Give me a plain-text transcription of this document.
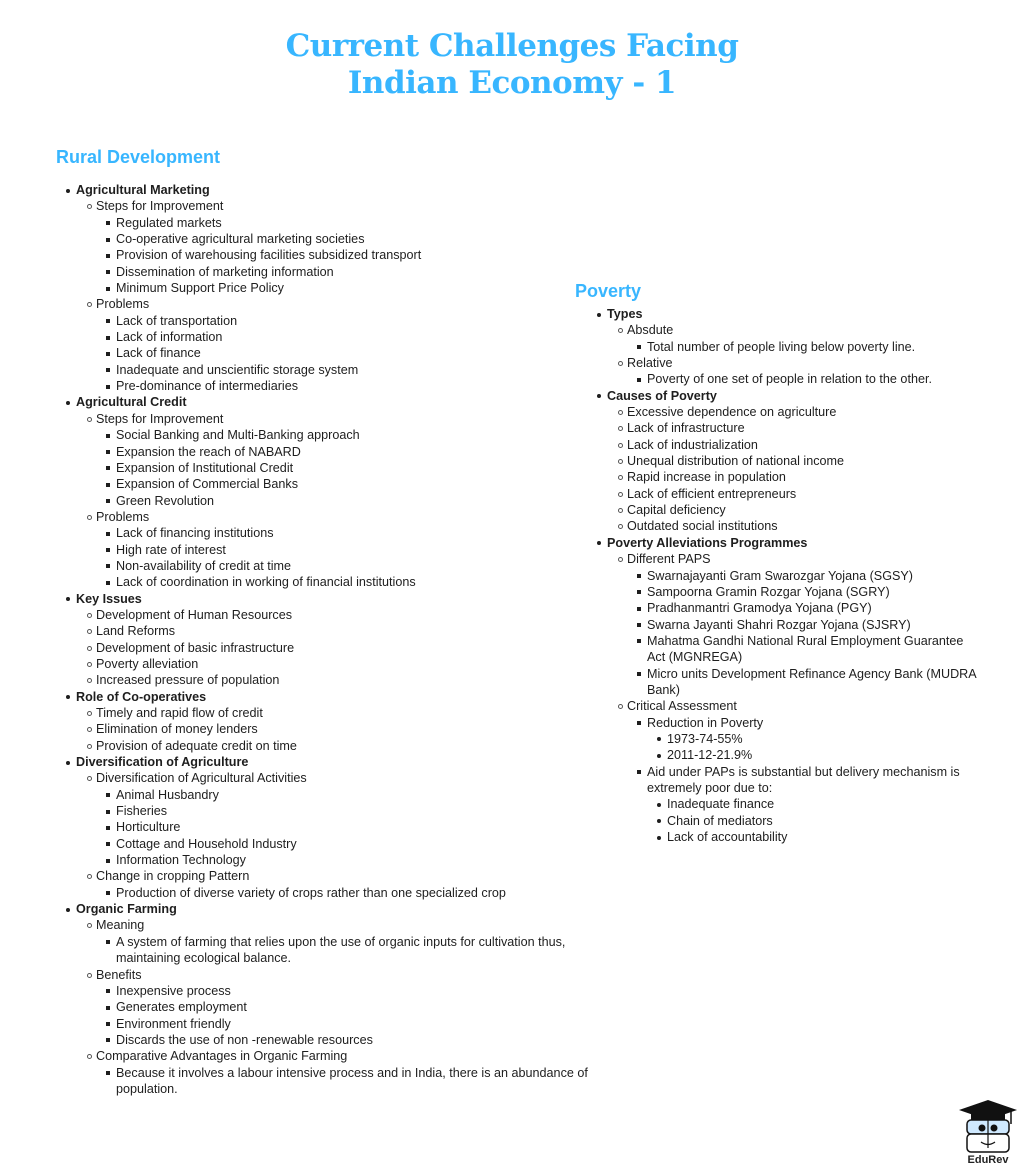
Current Challenges Facing
Indian Economy - 1
Rural Development
Agricultural Marketing
Steps for Improvement
Regulated markets
Co-operative agricultural marketing societies
Provision of warehousing facilities subsidized transport
Dissemination of marketing information
Minimum Support Price Policy
Problems
Lack of transportation
Lack of information
Lack of finance
Inadequate and unscientific storage system
Pre-dominance of intermediaries
Agricultural Credit
Steps for Improvement
Social Banking and Multi-Banking approach
Expansion the reach of NABARD
Expansion of Institutional Credit
Expansion of Commercial Banks
Green Revolution
Problems
Lack of financing institutions
High rate of interest
Non-availability of credit at time
Lack of coordination in working of financial institutions
Key Issues
Development of Human Resources
Land Reforms
Development of basic infrastructure
Poverty alleviation
Increased pressure of population
Role of Co-operatives
Timely and rapid flow of credit
Elimination of money lenders
Provision of adequate credit on time
Diversification of Agriculture
Diversification of Agricultural Activities
Animal Husbandry
Fisheries
Horticulture
Cottage and Household Industry
Information Technology
Change in cropping Pattern
Production of diverse variety of crops rather than one specialized crop
Organic Farming
Meaning
A system of farming that relies upon the use of organic inputs for cultivation thus, maintaining ecological balance.
Benefits
Inexpensive process
Generates employment
Environment friendly
Discards the use of non -renewable resources
Comparative Advantages in Organic Farming
Because it involves a labour intensive process and in India, there is an abundance of population.
Poverty
Types
Absdute
Total number of people living below poverty line.
Relative
Poverty of one set of people in relation to the other.
Causes of Poverty
Excessive dependence on agriculture
Lack of infrastructure
Lack of industrialization
Unequal distribution of national income
Rapid increase in population
Lack of efficient entrepreneurs
Capital deficiency
Outdated social institutions
Poverty Alleviations Programmes
Different PAPS
Swarnajayanti Gram Swarozgar Yojana (SGSY)
Sampoorna Gramin Rozgar Yojana (SGRY)
Pradhanmantri Gramodya Yojana (PGY)
Swarna Jayanti Shahri Rozgar Yojana (SJSRY)
Mahatma Gandhi National Rural Employment Guarantee Act (MGNREGA)
Micro units Development Refinance Agency Bank (MUDRA Bank)
Critical Assessment
Reduction in Poverty
1973-74-55%
2011-12-21.9%
Aid under PAPs is substantial but delivery mechanism is extremely poor due to:
Inadequate finance
Chain of mediators
Lack of accountability
EduRev
